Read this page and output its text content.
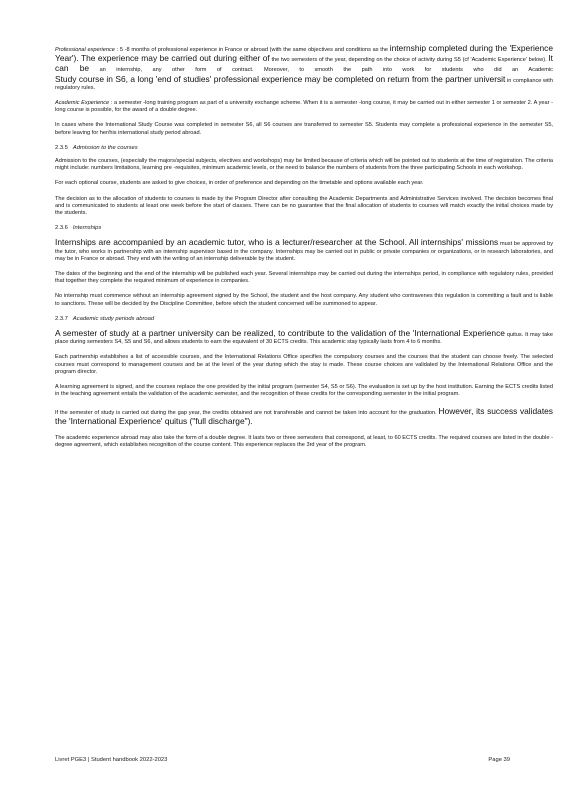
Professional experience : 5 -8 months of professional experience in France or abroad (with the same objectives and conditions as the internship completed during the 'Experience Year'). The experience may be carried out during either of the two semesters of the year, depending on the choice of activity during S5 (cf 'Academic Experience' below). It can be an internship, any other form of contract. Moreover, to smooth the path into work for students who did an Academic Study course in S6, a long 'end of studies' professional experience may be completed on return from the partner universit in compliance with regulatory rules.

Academic Experience : a semester -long training program as part of a university exchange scheme. When it is a semester -long course, it may be carried out in either semester 1 or semester 2. A year -long course is possible, for the award of a double degree.

In cases where the International Study Course was completed in semester S6, all S6 courses are transferred to semester S5. Students may complete a professional experience in the semester S5, before leaving for her/his international study period abroad.

2.3.5 Admission to the courses

Admission to the courses, (especially the majors/special subjects, electives and workshops) may be limited because of criteria which will be pointed out to students at the time of registration. The criteria might include: numbers limitations, learning pre -requisites, minimum academic levels, or the need to balance the numbers of students from the three participating Schools in each workshop.

For each optional course, students are asked to give choices, in order of preference and depending on the timetable and options available each year.

The decision as to the allocation of students to courses is made by the Program Director after consulting the Academic Departments and Administrative Services involved. The decision becomes final and is communicated to students at least one week before the start of classes. There can be no guarantee that the final allocation of students to courses will match exactly the initial choices made by the students.

2.3.6 Internships

Internships are accompanied by an academic tutor, who is a lecturer/researcher at the School. All internships' missions must be approved by the tutor, who works in partnership with an internship supervisor based in the company. Internships may be carried out in public or private companies or organizations, or in research laboratories, and may be in France or abroad. They end with the writing of an internship deliverable by the student.

The dates of the beginning and the end of the internship will be published each year. Several internships may be carried out during the internships period, in compliance with regulatory rules, provided that together they complete the required minimum of experience in companies.

No internship must commence without an internship agreement signed by the School, the student and the host company. Any student who contravenes this regulation is committing a fault and is liable to sanctions. These will be decided by the Discipline Committee, before which the student concerned will be summoned to appear.

2.3.7 Academic study periods abroad

A semester of study at a partner university can be realized, to contribute to the validation of the 'International Experience quitus. It may take place during semesters S4, S5 and S6, and allows students to earn the equivalent of 30 ECTS credits. This academic stay typically lasts from 4 to 6 months.

Each partnership establishes a list of accessible courses, and the International Relations Office specifies the compulsory courses and the courses that the student can choose freely. The selected courses must correspond to management courses and be at the level of the year during which the stay is made. These course choices are validated by the International Relations Office and the program director.

A learning agreement is signed, and the courses replace the one provided by the initial program (semester S4, S5 or S6). The evaluation is set up by the host institution. Earning the ECTS credits listed in the teaching agreement entails the validation of the academic semester, and the recognition of these credits for the corresponding semester in the initial program.

If the semester of study is carried out during the gap year, the credits obtained are not transferable and cannot be taken into account for the graduation. However, its success validates the 'International Experience' quitus ("full discharge").

The academic experience abroad may also take the form of a double degree. It lasts two or three semesters that correspond, at least, to 60 ECTS credits. The required courses are listed in the double -degree agreement, which establishes recognition of the course content. This experience replaces the 3rd year of the program.

Livret PGE3 | Student handbook 2022-2023	Page 39
